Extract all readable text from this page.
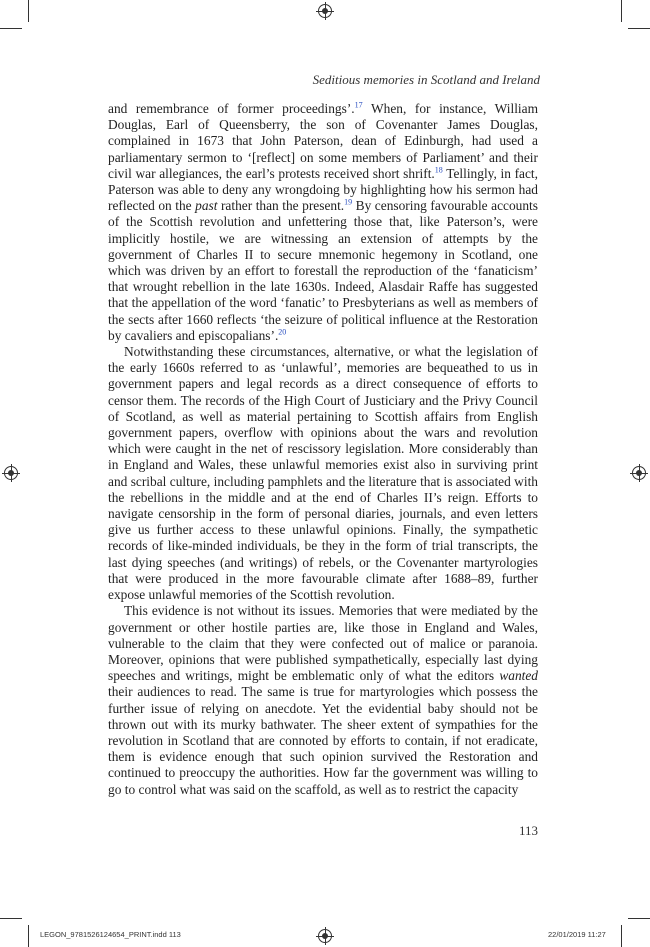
Seditious memories in Scotland and Ireland

and remembrance of former proceedings’.$^{17}$ When, for instance, William Douglas, Earl of Queensberry, the son of Covenanter James Douglas, complained in 1673 that John Paterson, dean of Edinburgh, had used a parliamentary sermon to ‘[reflect] on some members of Parliament’ and their civil war allegiances, the earl’s protests received short shrift.$^{18}$ Tellingly, in fact, Paterson was able to deny any wrongdoing by highlighting how his sermon had reflected on the past rather than the present.$^{19}$ By censoring favourable accounts of the Scottish revolution and unfettering those that, like Paterson’s, were implicitly hostile, we are witnessing an extension of attempts by the government of Charles II to secure mnemonic hegemony in Scotland, one which was driven by an effort to forestall the reproduction of the ‘fanaticism’ that wrought rebellion in the late 1630s. Indeed, Alasdair Raffe has suggested that the appellation of the word ‘fanatic’ to Presbyterians as well as members of the sects after 1660 reflects ‘the seizure of political influence at the Restoration by cavaliers and episcopalians’.$^{20}$

Notwithstanding these circumstances, alternative, or what the legislation of the early 1660s referred to as ‘unlawful’, memories are bequeathed to us in government papers and legal records as a direct consequence of efforts to censor them. The records of the High Court of Justiciary and the Privy Council of Scotland, as well as material pertaining to Scottish affairs from English government papers, overflow with opinions about the wars and revolution which were caught in the net of rescissory legislation. More considerably than in England and Wales, these unlawful memories exist also in surviving print and scribal culture, including pamphlets and the literature that is associated with the rebellions in the middle and at the end of Charles II’s reign. Efforts to navigate censorship in the form of personal diaries, journals, and even letters give us further access to these unlawful opinions. Finally, the sympathetic records of like-minded individuals, be they in the form of trial transcripts, the last dying speeches (and writings) of rebels, or the Covenanter martyrologies that were produced in the more favourable climate after 1688–89, further expose unlawful memories of the Scottish revolution.

This evidence is not without its issues. Memories that were mediated by the government or other hostile parties are, like those in England and Wales, vulnerable to the claim that they were confected out of malice or paranoia. Moreover, opinions that were published sympathetically, especially last dying speeches and writings, might be emblematic only of what the editors wanted their audiences to read. The same is true for martyrologies which possess the further issue of relying on anecdote. Yet the evidential baby should not be thrown out with its murky bathwater. The sheer extent of sympathies for the revolution in Scotland that are connoted by efforts to contain, if not eradicate, them is evidence enough that such opinion survived the Restoration and continued to preoccupy the authorities. How far the government was willing to go to control what was said on the scaffold, as well as to restrict the capacity

113
LEGON_9781526124654_PRINT.indd 113	22/01/2019 11:27
